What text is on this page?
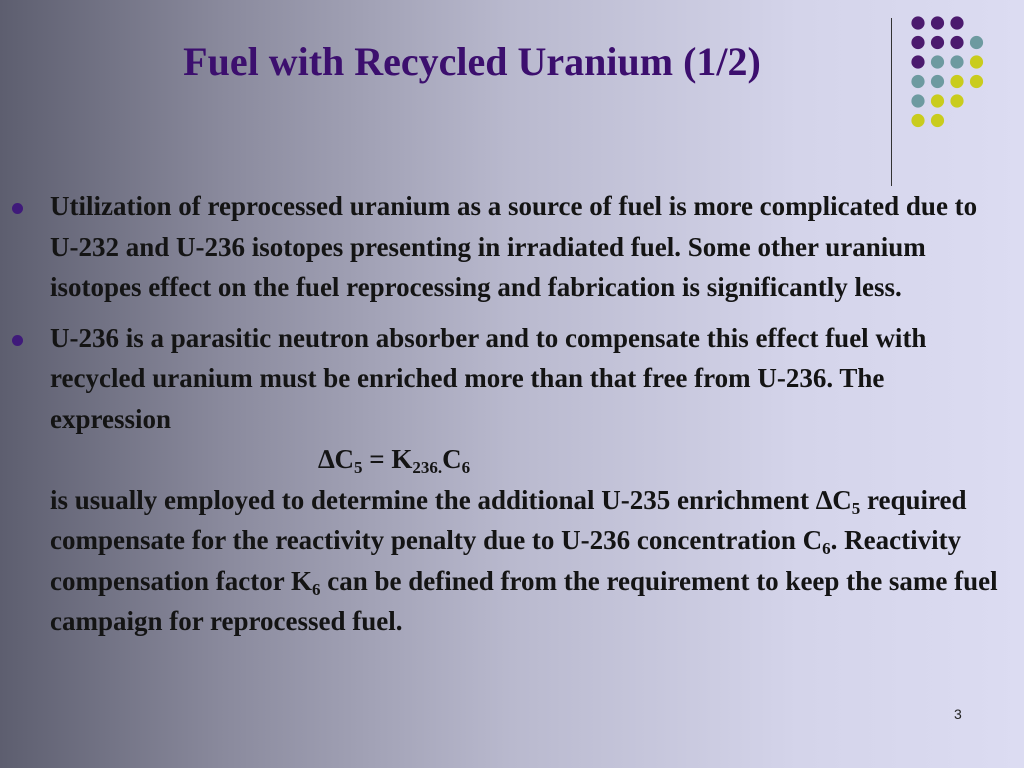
Fuel with Recycled Uranium (1/2)
Utilization of reprocessed uranium as a source of fuel is more complicated due to U-232 and U-236 isotopes presenting in irradiated fuel. Some other uranium isotopes effect on the fuel reprocessing and fabrication is significantly less.
U-236 is a parasitic neutron absorber and to compensate this effect fuel with recycled uranium must be enriched more than that free from U-236. The expression
$\Delta C_5 = K_{236.}C_6$
is usually employed to determine the additional U-235 enrichment $\Delta C_5$ required compensate for the reactivity penalty due to U-236 concentration $C_6$. Reactivity compensation factor $K_6$ can be defined from the requirement to keep the same fuel campaign for reprocessed fuel.
3
